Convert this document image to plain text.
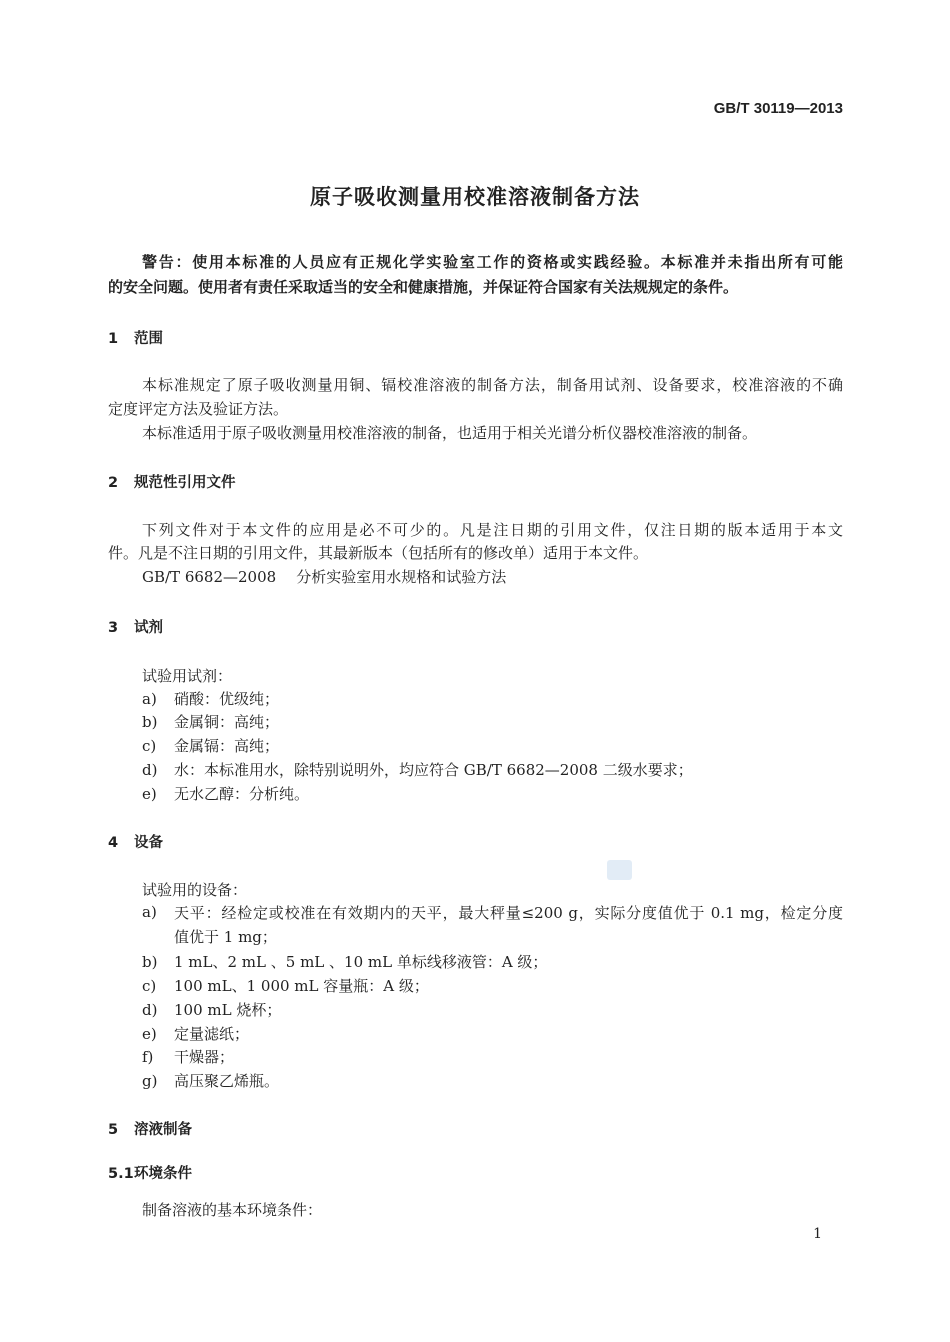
GB/T 30119—2013
原子吸收测量用校准溶液制备方法
警告：使用本标准的人员应有正规化学实验室工作的资格或实践经验。本标准并未指出所有可能
的安全问题。使用者有责任采取适当的安全和健康措施，并保证符合国家有关法规规定的条件。
1 范围
本标准规定了原子吸收测量用铜、镉校准溶液的制备方法，制备用试剂、设备要求，校准溶液的不确
定度评定方法及验证方法。
本标准适用于原子吸收测量用校准溶液的制备，也适用于相关光谱分析仪器校准溶液的制备。
2 规范性引用文件
下列文件对于本文件的应用是必不可少的。凡是注日期的引用文件，仅注日期的版本适用于本文
件。凡是不注日期的引用文件，其最新版本（包括所有的修改单）适用于本文件。
GB/T 6682—2008 分析实验室用水规格和试验方法
3 试剂
试验用试剂：
a) 硝酸：优级纯；
b) 金属铜：高纯；
c) 金属镉：高纯；
d) 水：本标准用水，除特别说明外，均应符合 GB/T 6682—2008 二级水要求；
e) 无水乙醇：分析纯。
4 设备
试验用的设备：
a)	天平：经检定或校准在有效期内的天平，最大秤量≤200 g，实际分度值优于 0.1 mg，检定分度
值优于 1 mg；
b) 1 mL、2 mL 、5 mL 、10 mL 单标线移液管：A 级；
c) 100 mL、1 000 mL 容量瓶：A 级；
d) 100 mL 烧杯；
e) 定量滤纸；
f) 干燥器；
g) 高压聚乙烯瓶。
5 溶液制备
5.1环境条件
制备溶液的基本环境条件：
1
